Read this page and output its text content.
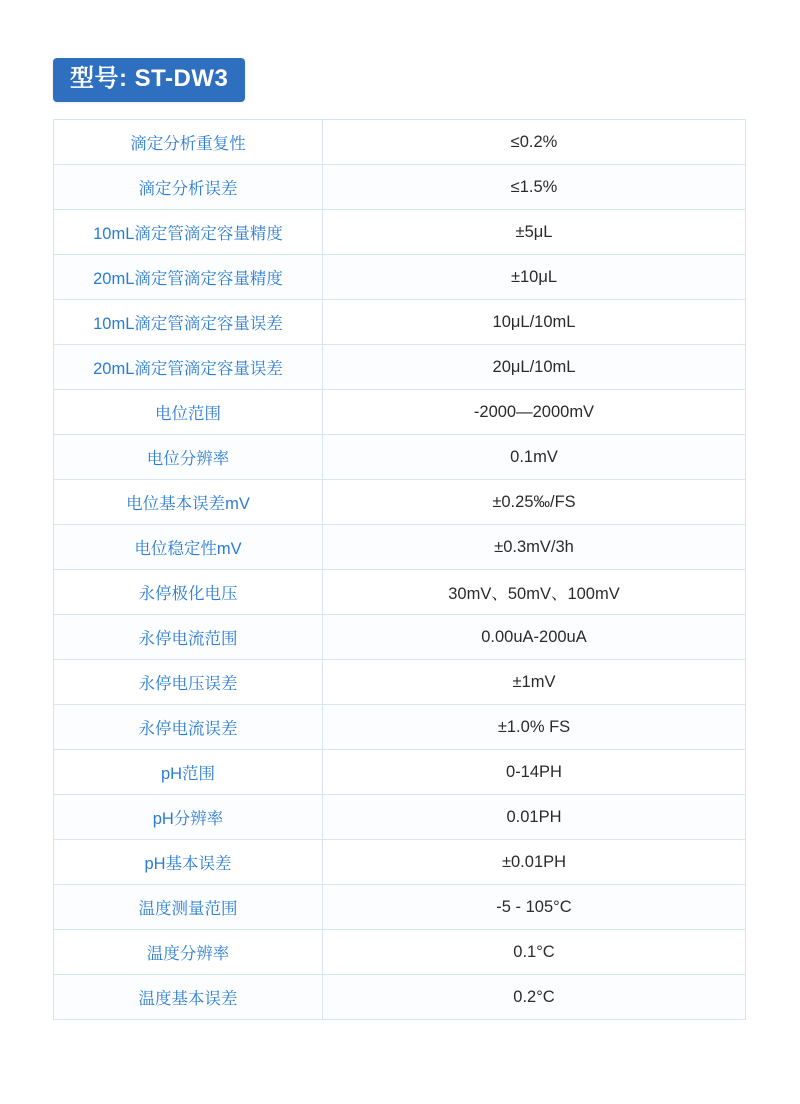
型号: ST-DW3
滴定分析重复性	≤0.2%
滴定分析误差	≤1.5%
10mL滴定管滴定容量精度	±5μL
20mL滴定管滴定容量精度	±10μL
10mL滴定管滴定容量误差	10μL/10mL
20mL滴定管滴定容量误差	20μL/10mL
电位范围	-2000—2000mV
电位分辨率	0.1mV
电位基本误差mV	±0.25‰/FS
电位稳定性mV	±0.3mV/3h
永停极化电压	30mV、50mV、100mV
永停电流范围	0.00uA-200uA
永停电压误差	±1mV
永停电流误差	±1.0% FS
pH范围	0-14PH
pH分辨率	0.01PH
pH基本误差	±0.01PH
温度测量范围	-5 - 105°C
温度分辨率	0.1°C
温度基本误差	0.2°C
